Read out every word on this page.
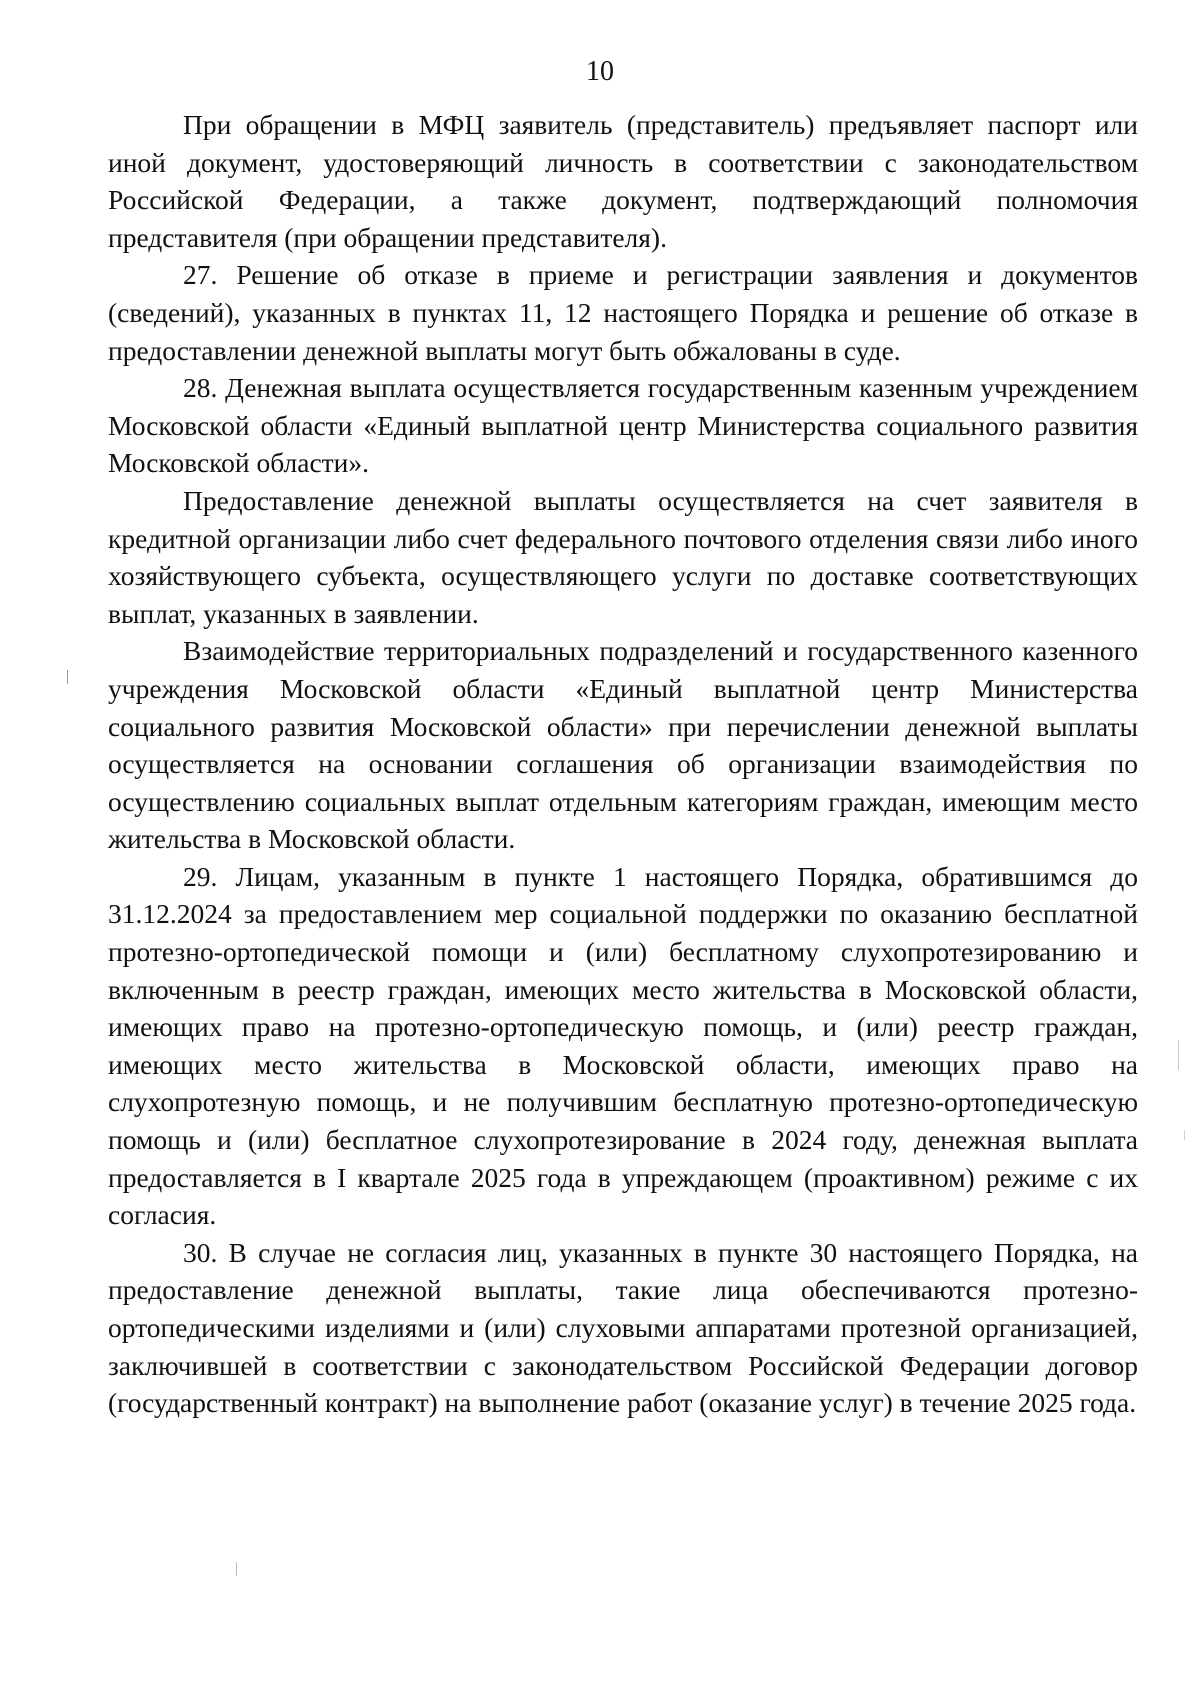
10

При обращении в МФЦ заявитель (представитель) предъявляет паспорт или иной документ, удостоверяющий личность в соответствии с законодательством Российской Федерации, а также документ, подтверждающий полномочия представителя (при обращении представителя).

27. Решение об отказе в приеме и регистрации заявления и документов (сведений), указанных в пунктах 11, 12 настоящего Порядка и решение об отказе в предоставлении денежной выплаты могут быть обжалованы в суде.

28. Денежная выплата осуществляется государственным казенным учреждением Московской области «Единый выплатной центр Министерства социального развития Московской области».

Предоставление денежной выплаты осуществляется на счет заявителя в кредитной организации либо счет федерального почтового отделения связи либо иного хозяйствующего субъекта, осуществляющего услуги по доставке соответствующих выплат, указанных в заявлении.

Взаимодействие территориальных подразделений и государственного казенного учреждения Московской области «Единый выплатной центр Министерства социального развития Московской области» при перечислении денежной выплаты осуществляется на основании соглашения об организации взаимодействия по осуществлению социальных выплат отдельным категориям граждан, имеющим место жительства в Московской области.

29. Лицам, указанным в пункте 1 настоящего Порядка, обратившимся до 31.12.2024 за предоставлением мер социальной поддержки по оказанию бесплатной протезно-ортопедической помощи и (или) бесплатному слухопротезированию и включенным в реестр граждан, имеющих место жительства в Московской области, имеющих право на протезно-ортопедическую помощь, и (или) реестр граждан, имеющих место жительства в Московской области, имеющих право на слухопротезную помощь, и не получившим бесплатную протезно-ортопедическую помощь и (или) бесплатное слухопротезирование в 2024 году, денежная выплата предоставляется в I квартале 2025 года в упреждающем (проактивном) режиме с их согласия.

30. В случае не согласия лиц, указанных в пункте 30 настоящего Порядка, на предоставление денежной выплаты, такие лица обеспечиваются протезно-ортопедическими изделиями и (или) слуховыми аппаратами протезной организацией, заключившей в соответствии с законодательством Российской Федерации договор (государственный контракт) на выполнение работ (оказание услуг) в течение 2025 года.
